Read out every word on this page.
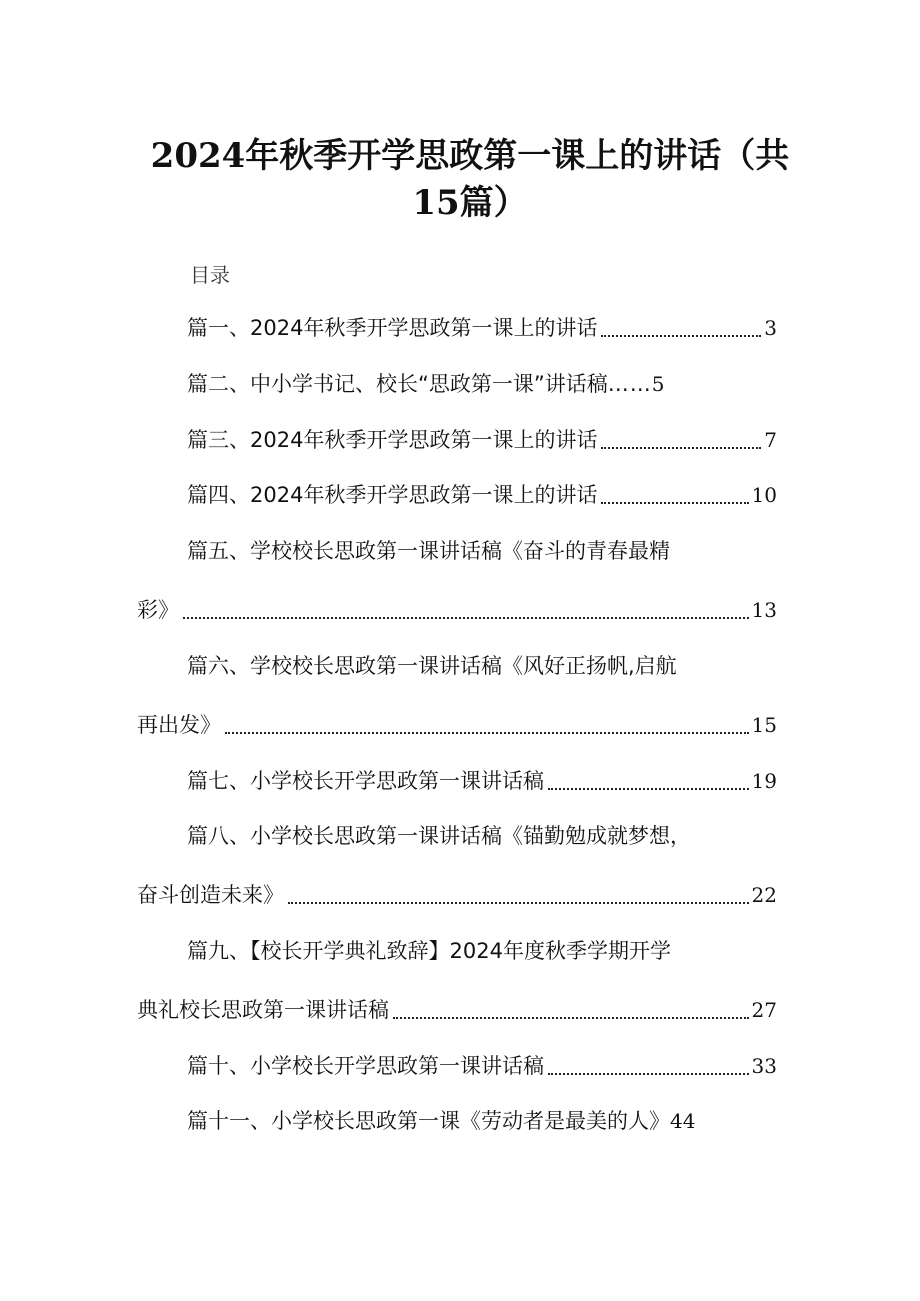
2024年秋季开学思政第一课上的讲话（共
15篇）
目录
篇一、2024年秋季开学思政第一课上的讲话	3
篇二、中小学书记、校长“思政第一课”讲话稿 …… 5
篇三、2024年秋季开学思政第一课上的讲话	7
篇四、2024年秋季开学思政第一课上的讲话	10
篇五、学校校长思政第一课讲话稿《奋斗的青春最精
彩》	13
篇六、学校校长思政第一课讲话稿《风好正扬帆,启航
再出发》	15
篇七、小学校长开学思政第一课讲话稿	19
篇八、小学校长思政第一课讲话稿《锚勤勉成就梦想，
奋斗创造未来》	22
篇九、【校长开学典礼致辞】2024年度秋季学期开学
典礼校长思政第一课讲话稿	27
篇十、小学校长开学思政第一课讲话稿	33
篇十一、小学校长思政第一课《劳动者是最美的人》 44
